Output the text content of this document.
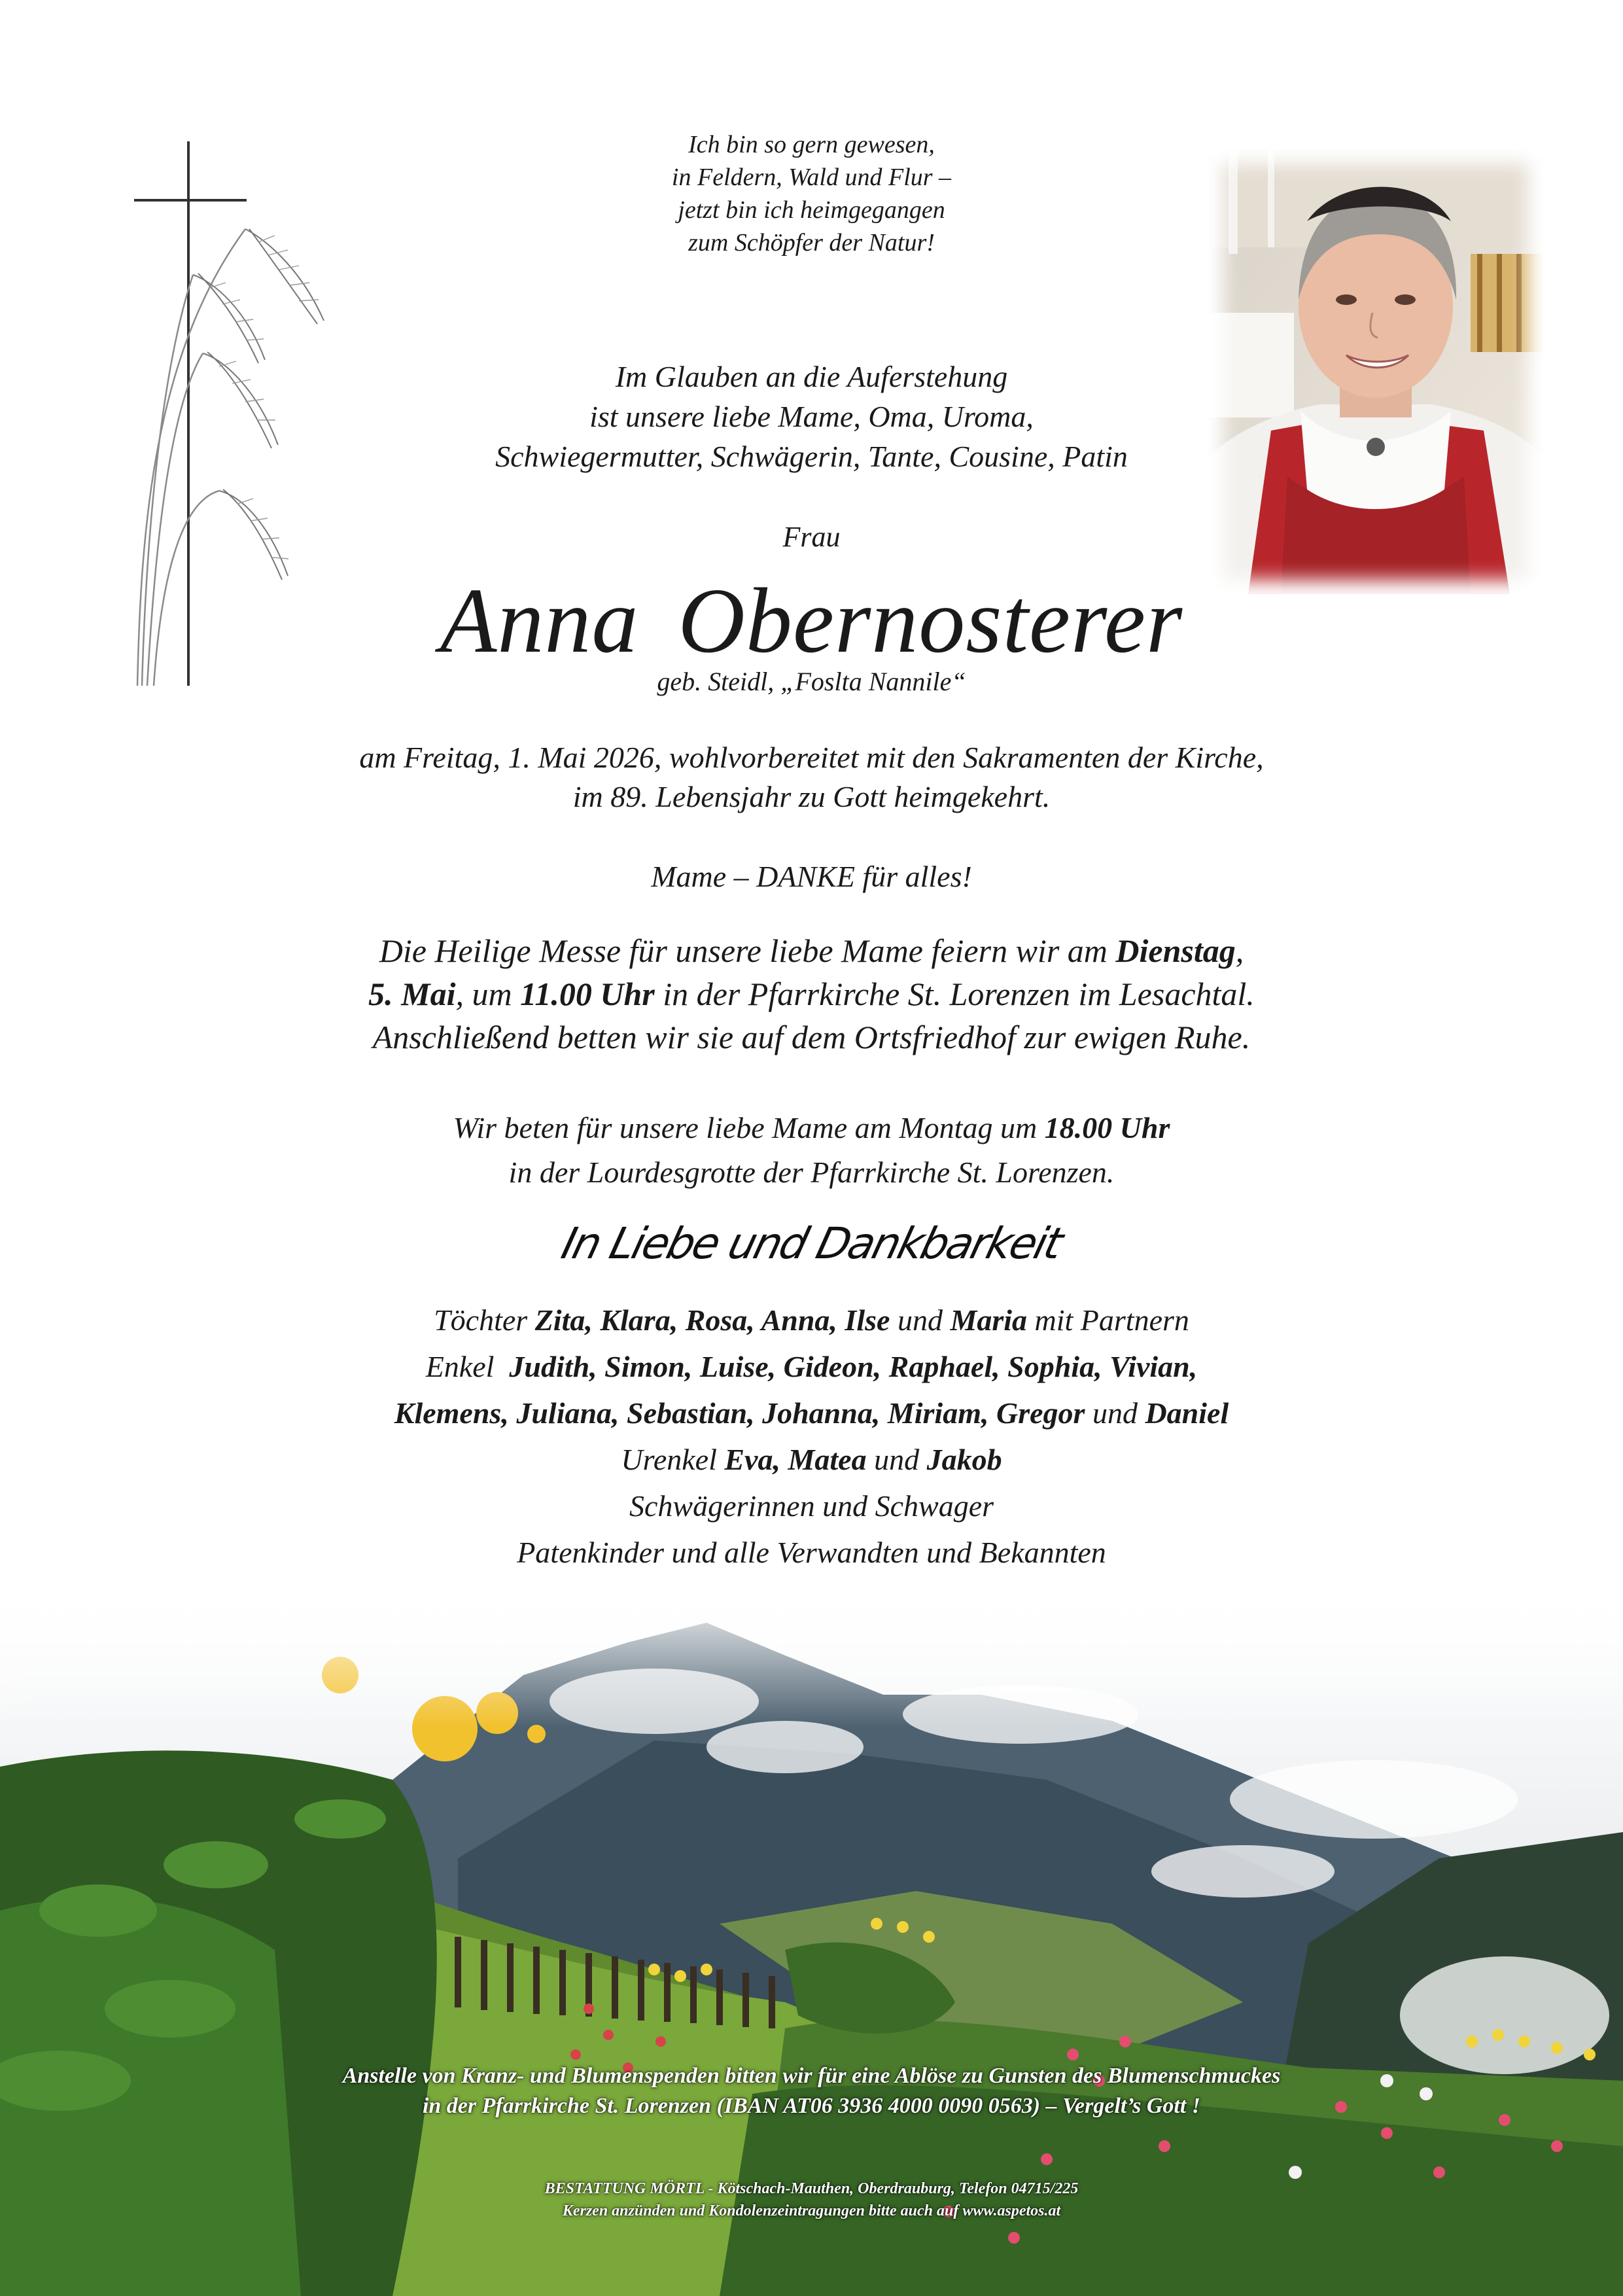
Ich bin so gern gewesen,
in Feldern, Wald und Flur –
jetzt bin ich heimgegangen
zum Schöpfer der Natur!
Im Glauben an die Auferstehung
ist unsere liebe Mame, Oma, Uroma,
Schwiegermutter, Schwägerin, Tante, Cousine, Patin
Frau
Anna Obernosterer
geb. Steidl, „Foslta Nannile“
am Freitag, 1. Mai 2026, wohlvorbereitet mit den Sakramenten der Kirche,
im 89. Lebensjahr zu Gott heimgekehrt.
Mame – DANKE für alles!
Die Heilige Messe für unsere liebe Mame feiern wir am Dienstag,
5. Mai, um 11.00 Uhr in der Pfarrkirche St. Lorenzen im Lesachtal.
Anschließend betten wir sie auf dem Ortsfriedhof zur ewigen Ruhe.
Wir beten für unsere liebe Mame am Montag um 18.00 Uhr
in der Lourdesgrotte der Pfarrkirche St. Lorenzen.
In Liebe und Dankbarkeit
Töchter Zita, Klara, Rosa, Anna, Ilse und Maria mit Partnern
Enkel  Judith, Simon, Luise, Gideon, Raphael, Sophia, Vivian,
Klemens, Juliana, Sebastian, Johanna, Miriam, Gregor und Daniel
Urenkel Eva, Matea und Jakob
Schwägerinnen und Schwager
Patenkinder und alle Verwandten und Bekannten
Anstelle von Kranz- und Blumenspenden bitten wir für eine Ablöse zu Gunsten des Blumenschmuckes
in der Pfarrkirche St. Lorenzen (IBAN AT06 3936 4000 0090 0563) – Vergelt’s Gott !
BESTATTUNG MÖRTL - Kötschach-Mauthen, Oberdrauburg, Telefon 04715/225
Kerzen anzünden und Kondolenzeintragungen bitte auch auf www.aspetos.at
